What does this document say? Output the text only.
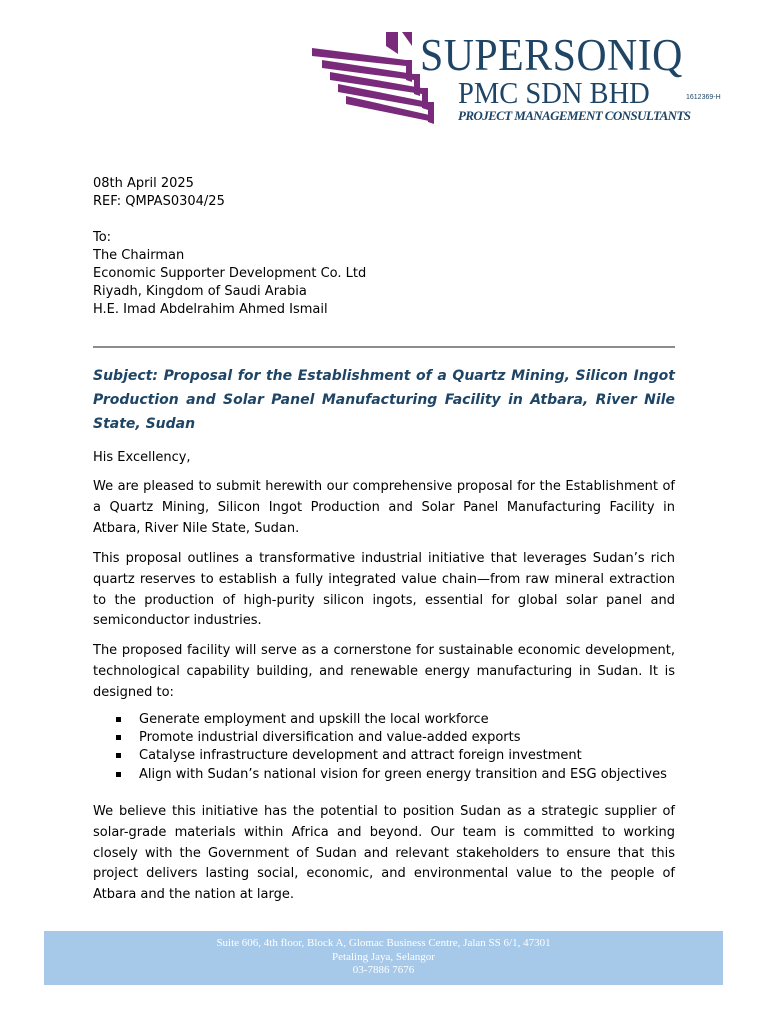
SUPERSONIQ
PMC SDN BHD	1612369-H
PROJECT MANAGEMENT CONSULTANTS
08th April 2025
REF: QMPAS0304/25
To:
The Chairman
Economic Supporter Development Co. Ltd
Riyadh, Kingdom of Saudi Arabia
H.E. Imad Abdelrahim Ahmed Ismail
Subject: Proposal for the Establishment of a Quartz Mining, Silicon Ingot Production and Solar Panel Manufacturing Facility in Atbara, River Nile State, Sudan
His Excellency,
We are pleased to submit herewith our comprehensive proposal for the Establishment of a Quartz Mining, Silicon Ingot Production and Solar Panel Manufacturing Facility in Atbara, River Nile State, Sudan.
This proposal outlines a transformative industrial initiative that leverages Sudan’s rich quartz reserves to establish a fully integrated value chain—from raw mineral extraction to the production of high-purity silicon ingots, essential for global solar panel and semiconductor industries.
The proposed facility will serve as a cornerstone for sustainable economic development, technological capability building, and renewable energy manufacturing in Sudan. It is designed to:
Generate employment and upskill the local workforce
Promote industrial diversification and value-added exports
Catalyse infrastructure development and attract foreign investment
Align with Sudan’s national vision for green energy transition and ESG objectives
We believe this initiative has the potential to position Sudan as a strategic supplier of solar-grade materials within Africa and beyond. Our team is committed to working closely with the Government of Sudan and relevant stakeholders to ensure that this project delivers lasting social, economic, and environmental value to the people of Atbara and the nation at large.
Suite 606, 4th floor, Block A, Glomac Business Centre, Jalan SS 6/1, 47301
Petaling Jaya, Selangor
03-7886 7676
